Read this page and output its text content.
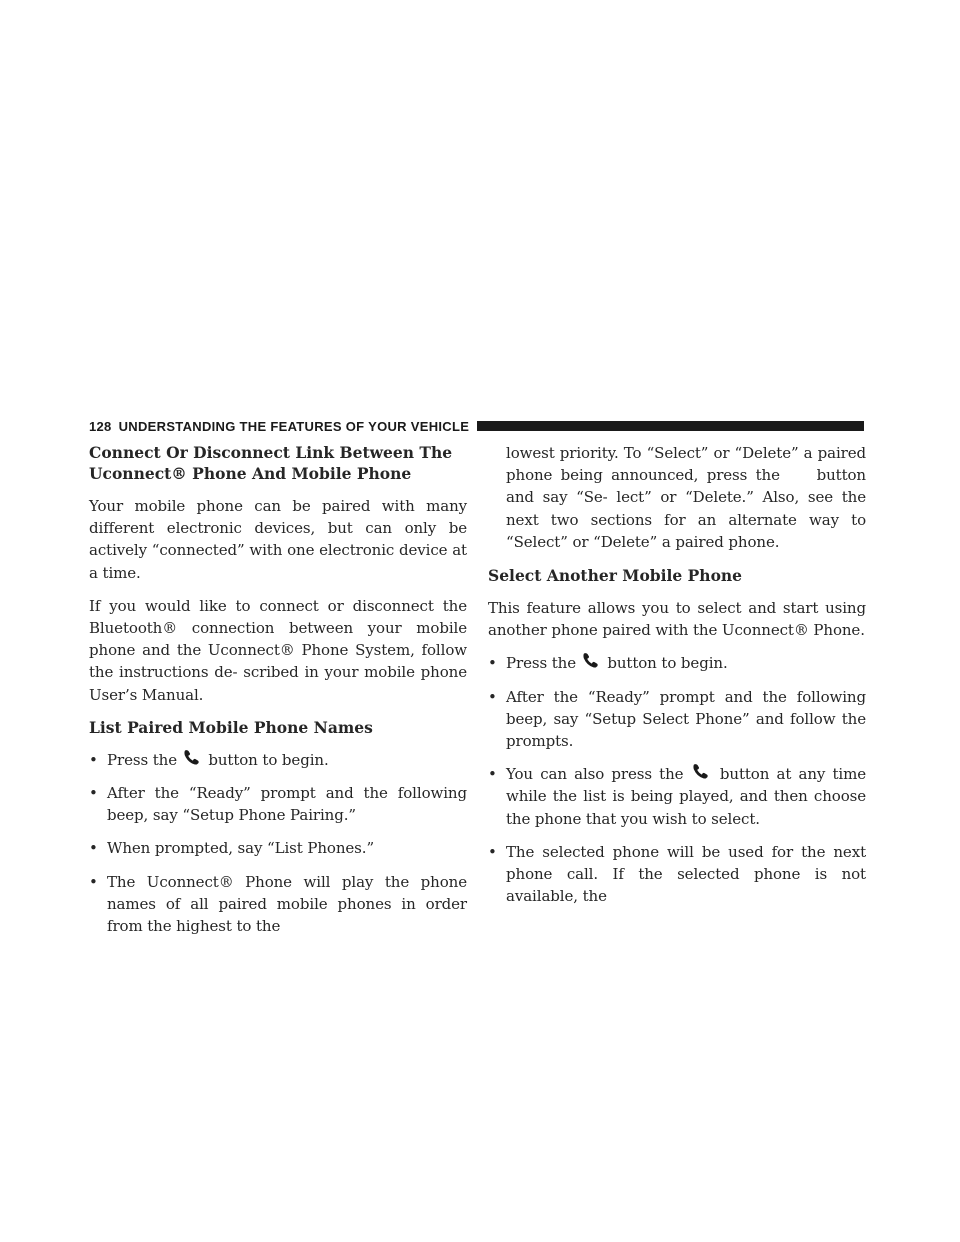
128 UNDERSTANDING THE FEATURES OF YOUR VEHICLE
Connect Or Disconnect Link Between The Uconnect® Phone And Mobile Phone

Your mobile phone can be paired with many different electronic devices, but can only be actively “connected” with one electronic device at a time.

If you would like to connect or disconnect the Bluetooth® connection between your mobile phone and the Uconnect® Phone System, follow the instructions de- scribed in your mobile phone User’s Manual.

List Paired Mobile Phone Names
• Press the button to begin.
• After the “Ready” prompt and the following beep, say “Setup Phone Pairing.”
• When prompted, say “List Phones.”
• The Uconnect® Phone will play the phone names of all paired mobile phones in order from the highest to the

lowest priority. To “Select” or “Delete” a paired phone being announced, press the button and say “Se- lect” or “Delete.” Also, see the next two sections for an alternate way to “Select” or “Delete” a paired phone.

Select Another Mobile Phone

This feature allows you to select and start using another phone paired with the Uconnect® Phone.

• Press the button to begin.
• After the “Ready” prompt and the following beep, say “Setup Select Phone” and follow the prompts.
• You can also press the button at any time while the list is being played, and then choose the phone that you wish to select.
• The selected phone will be used for the next phone call. If the selected phone is not available, the
